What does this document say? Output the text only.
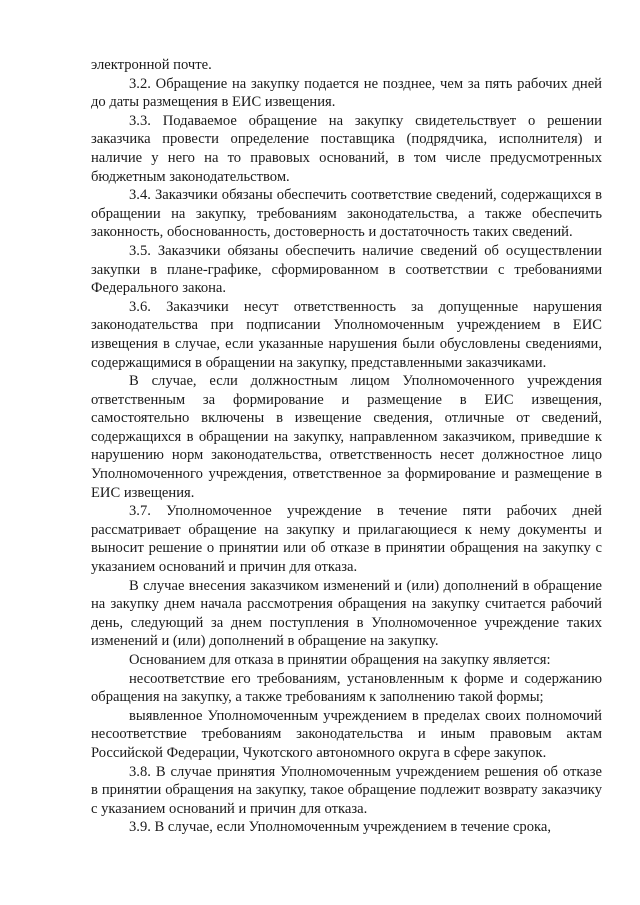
электронной почте.

3.2. Обращение на закупку подается не позднее, чем за пять рабочих дней до даты размещения в ЕИС извещения.

3.3. Подаваемое обращение на закупку свидетельствует о решении заказчика провести определение поставщика (подрядчика, исполнителя) и наличие у него на то правовых оснований, в том числе предусмотренных бюджетным законодательством.

3.4. Заказчики обязаны обеспечить соответствие сведений, содержащихся в обращении на закупку, требованиям законодательства, а также обеспечить законность, обоснованность, достоверность и достаточность таких сведений.

3.5. Заказчики обязаны обеспечить наличие сведений об осуществлении закупки в плане-графике, сформированном в соответствии с требованиями Федерального закона.

3.6. Заказчики несут ответственность за допущенные нарушения законодательства при подписании Уполномоченным учреждением в ЕИС извещения в случае, если указанные нарушения были обусловлены сведениями, содержащимися в обращении на закупку, представленными заказчиками.

В случае, если должностным лицом Уполномоченного учреждения ответственным за формирование и размещение в ЕИС извещения, самостоятельно включены в извещение сведения, отличные от сведений, содержащихся в обращении на закупку, направленном заказчиком, приведшие к нарушению норм законодательства, ответственность несет должностное лицо Уполномоченного учреждения, ответственное за формирование и размещение в ЕИС извещения.

3.7. Уполномоченное учреждение в течение пяти рабочих дней рассматривает обращение на закупку и прилагающиеся к нему документы и выносит решение о принятии или об отказе в принятии обращения на закупку с указанием оснований и причин для отказа.

В случае внесения заказчиком изменений и (или) дополнений в обращение на закупку днем начала рассмотрения обращения на закупку считается рабочий день, следующий за днем поступления в Уполномоченное учреждение таких изменений и (или) дополнений в обращение на закупку.

Основанием для отказа в принятии обращения на закупку является:

несоответствие его требованиям, установленным к форме и содержанию обращения на закупку, а также требованиям к заполнению такой формы;

выявленное Уполномоченным учреждением в пределах своих полномочий несоответствие требованиям законодательства и иным правовым актам Российской Федерации, Чукотского автономного округа в сфере закупок.

3.8. В случае принятия Уполномоченным учреждением решения об отказе в принятии обращения на закупку, такое обращение подлежит возврату заказчику с указанием оснований и причин для отказа.

3.9. В случае, если Уполномоченным учреждением в течение срока,
